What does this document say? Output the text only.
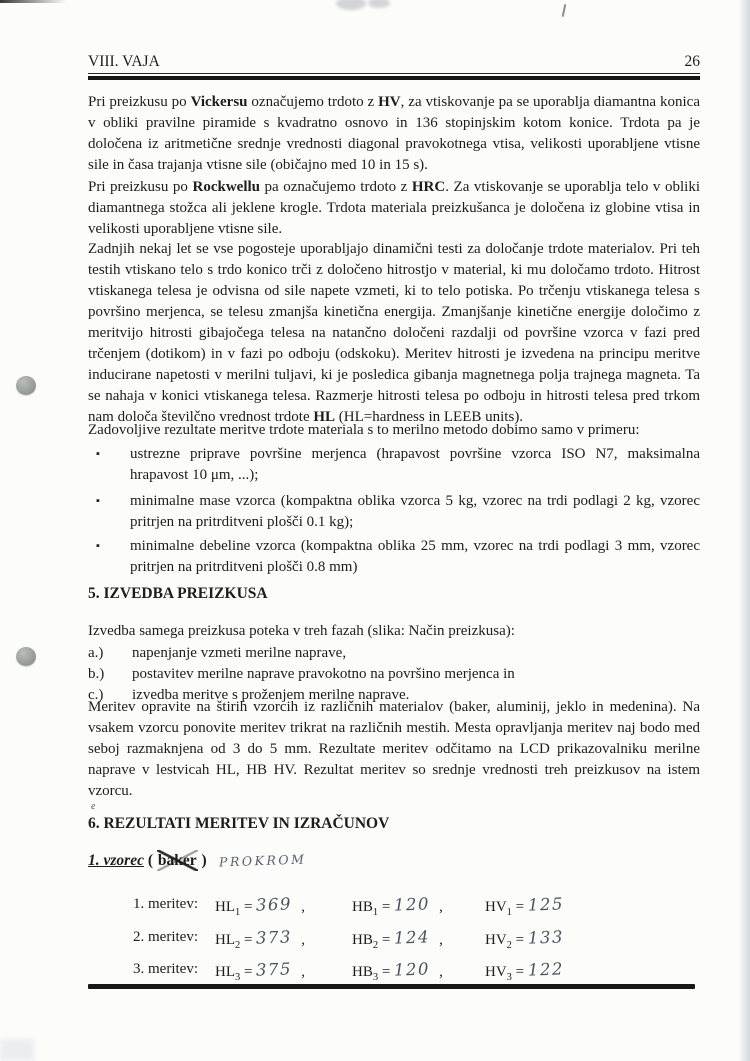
VIII. VAJA	26

Pri preizkusu po Vickersu označujemo trdoto z HV, za vtiskovanje pa se uporablja diamantna konica v obliki pravilne piramide s kvadratno osnovo in 136 stopinjskim kotom konice. Trdota pa je določena iz aritmetične srednje vrednosti diagonal pravokotnega vtisa, velikosti uporabljene vtisne sile in časa trajanja vtisne sile (običajno med 10 in 15 s).

Pri preizkusu po Rockwellu pa označujemo trdoto z HRC. Za vtiskovanje se uporablja telo v obliki diamantnega stožca ali jeklene krogle. Trdota materiala preizkušanca je določena iz globine vtisa in velikosti uporabljene vtisne sile.

Zadnjih nekaj let se vse pogosteje uporabljajo dinamični testi za določanje trdote materialov. Pri teh testih vtiskano telo s trdo konico trči z določeno hitrostjo v material, ki mu določamo trdoto. Hitrost vtiskanega telesa je odvisna od sile napete vzmeti, ki to telo potiska. Po trčenju vtiskanega telesa s površino merjenca, se telesu zmanjša kinetična energija. Zmanjšanje kinetične energije določimo z meritvijo hitrosti gibajočega telesa na natančno določeni razdalji od površine vzorca v fazi pred trčenjem (dotikom) in v fazi po odboju (odskoku). Meritev hitrosti je izvedena na principu meritve inducirane napetosti v merilni tuljavi, ki je posledica gibanja magnetnega polja trajnega magneta. Ta se nahaja v konici vtiskanega telesa. Razmerje hitrosti telesa po odboju in hitrosti telesa pred trkom nam določa številčno vrednost trdote HL (HL=hardness in LEEB units).

Zadovoljive rezultate meritve trdote materiala s to merilno metodo dobimo samo v primeru:

▪ ustrezne priprave površine merjenca (hrapavost površine vzorca ISO N7, maksimalna hrapavost 10 μm, ...);
▪ minimalne mase vzorca (kompaktna oblika vzorca 5 kg, vzorec na trdi podlagi 2 kg, vzorec pritrjen na pritrditveni plošči 0.1 kg);
▪ minimalne debeline vzorca (kompaktna oblika 25 mm, vzorec na trdi podlagi 3 mm, vzorec pritrjen na pritrditveni plošči 0.8 mm)
5. IZVEDBA PREIZKUSA

Izvedba samega preizkusa poteka v treh fazah (slika: Način preizkusa):

a.) napenjanje vzmeti merilne naprave,
b.) postavitev merilne naprave pravokotno na površino merjenca in
c.) izvedba meritve s proženjem merilne naprave.

Meritev opravite na štirih vzorcih iz različnih materialov (baker, aluminij, jeklo in medenina). Na vsakem vzorcu ponovite meritev trikrat na različnih mestih. Mesta opravljanja meritev naj bodo med seboj razmaknjena od 3 do 5 mm. Rezultate meritev odčitamo na LCD prikazovalniku merilne naprave v lestvicah HL, HB HV. Rezultat meritev so srednje vrednosti treh preizkusov na istem vzorcu.

e
6. REZULTATI MERITEV IN IZRAČUNOV

1. vzorec ( baker ) PROKROM

1. meritev: $HL_1 = 369$ ,	$HB_1 = 120$ ,	$HV_1 = 125$
2. meritev: $HL_2 = 373$ ,	$HB_2 = 124$ ,	$HV_2 = 133$
3. meritev: $HL_3 = 375$ ,	$HB_3 = 120$ ,	$HV_3 = 122$
